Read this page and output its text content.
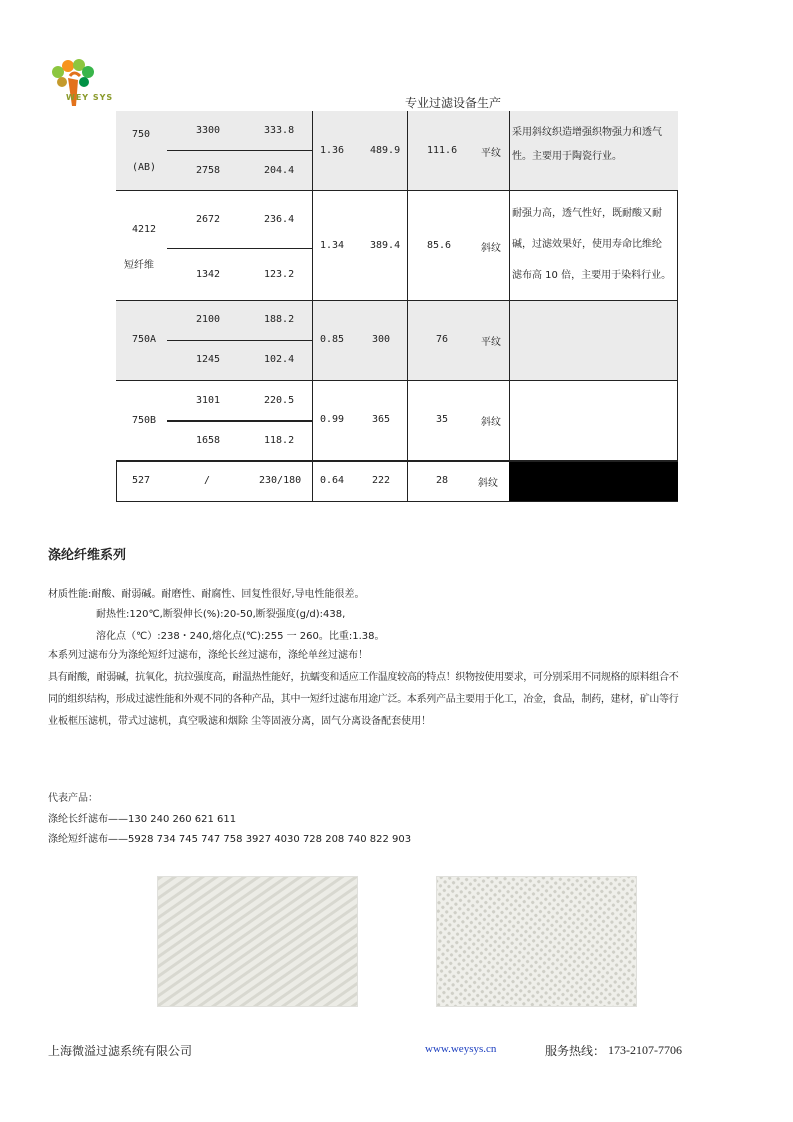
WEY SYS	专业过滤设备生产
750
(AB)
3300	333.8
2758	204.4
1.36	489.9	111.6 平纹
采用斜纹织造增强织物强力和透气
性。主要用于陶瓷行业。
4212
短纤维
2672	236.4
1342	123.2
1.34	389.4	85.6	斜纹
耐强力高，透气性好，既耐酸又耐
碱，过滤效果好，使用寿命比维纶
滤布高 10 倍，主要用于染料行业。
750A
2100	188.2
1245	102.4
0.85	300	76	平纹
750B
3101	220.5
1658	118.2
0.99	365	35	斜纹
527	/	230/180 0.64	222	28	斜纹
涤纶纤维系列
材质性能:耐酸、耐弱碱。耐磨性、耐腐性、回复性很好,导电性能很差。
耐热性:120℃,断裂伸长(%):20-50,断裂强度(g/d):438,
溶化点（℃）:238・240,熔化点(℃):255 一 260。比重:1.38。
本系列过滤布分为涤纶短纤过滤布，涤纶长丝过滤布，涤纶单丝过滤布！
具有耐酸，耐弱碱，抗氧化，抗拉强度高，耐温热性能好，抗蠕变和适应工作温度较高的特点！织物按使用要求，可分别采用不同规格的原料组合不
同的组织结构，形成过滤性能和外观不同的各种产品，其中一短纤过滤布用途广泛。本系列产品主要用于化工，冶金，食品，制药，建材，矿山等行
业板框压滤机，带式过滤机，真空吸滤和烟除 尘等固液分离，固气分离设备配套使用！
代表产品：
涤纶长纤滤布——130 240 260 621 611
涤纶短纤滤布——5928 734 745 747 758 3927 4030 728 208 740 822 903
上海微溢过滤系统有限公司	www.weysys.cn	服务热线： 173-2107-7706
